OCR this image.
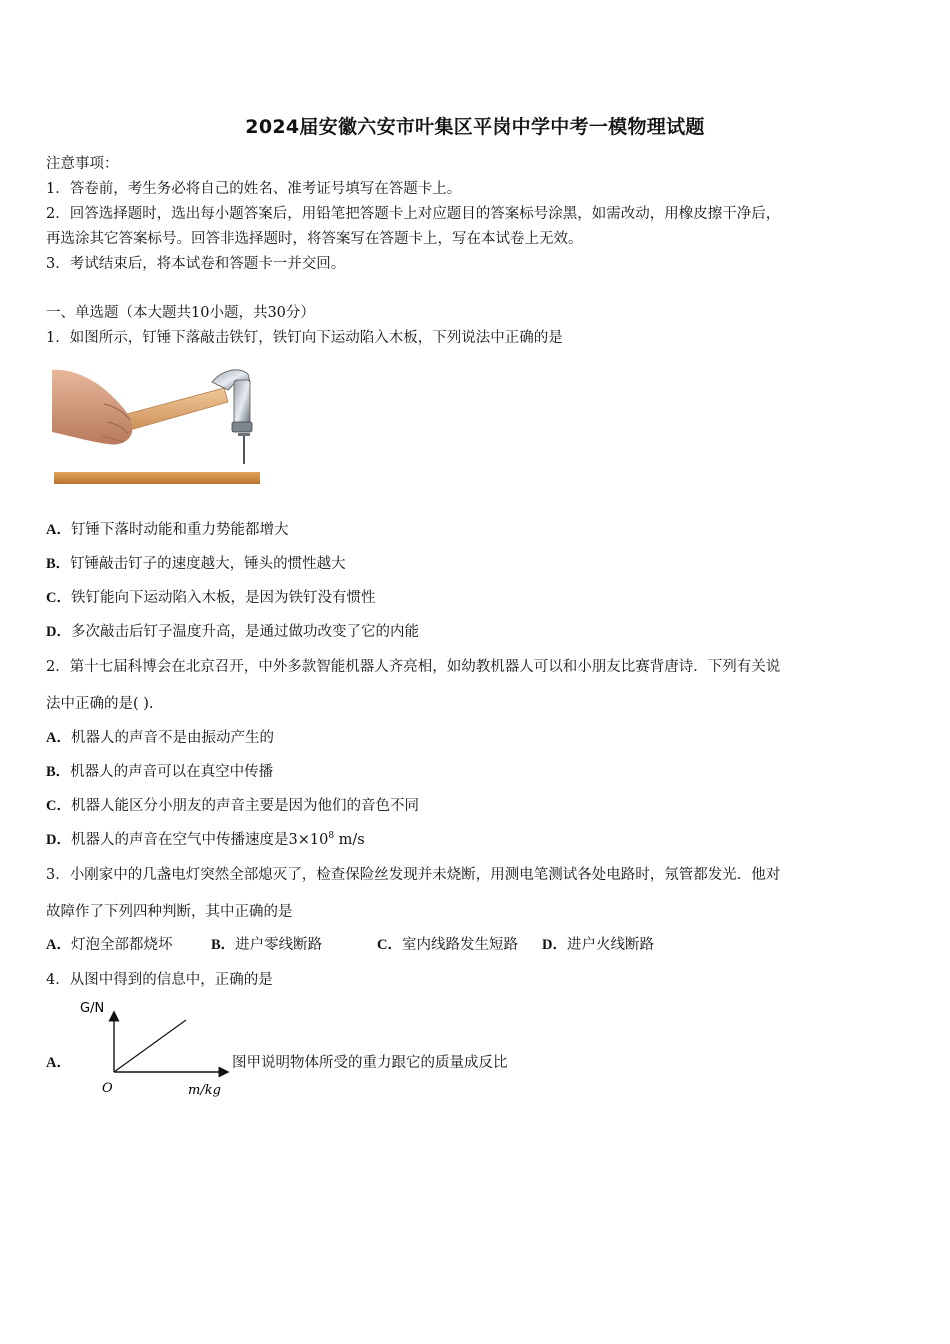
2024届安徽六安市叶集区平岗中学中考一模物理试题
注意事项：
1．答卷前，考生务必将自己的姓名、准考证号填写在答题卡上。
2．回答选择题时，选出每小题答案后，用铅笔把答题卡上对应题目的答案标号涂黑，如需改动，用橡皮擦干净后，
再选涂其它答案标号。回答非选择题时，将答案写在答题卡上，写在本试卷上无效。
3．考试结束后，将本试卷和答题卡一并交回。
一、单选题（本大题共10小题，共30分）
1．如图所示，钉锤下落敲击铁钉，铁钉向下运动陷入木板，下列说法中正确的是
A．钉锤下落时动能和重力势能都增大
B．钉锤敲击钉子的速度越大，锤头的惯性越大
C．铁钉能向下运动陷入木板，是因为铁钉没有惯性
D．多次敲击后钉子温度升高，是通过做功改变了它的内能
2．第十七届科博会在北京召开，中外多款智能机器人齐亮相，如幼教机器人可以和小朋友比赛背唐诗．下列有关说
法中正确的是( ).
A．机器人的声音不是由振动产生的
B．机器人的声音可以在真空中传播
C．机器人能区分小朋友的声音主要是因为他们的音色不同
D．机器人的声音在空气中传播速度是$3\times 10^8$ m/s
3．小刚家中的几盏电灯突然全部熄灭了，检查保险丝发现并未烧断，用测电笔测试各处电路时，氖管都发光．他对
故障作了下列四种判断，其中正确的是
A．灯泡全部都烧坏	B．进户零线断路	C．室内线路发生短路 D．进户火线断路
4．从图中得到的信息中，正确的是
A．
G/N
O	m/kg
图甲说明物体所受的重力跟它的质量成反比
